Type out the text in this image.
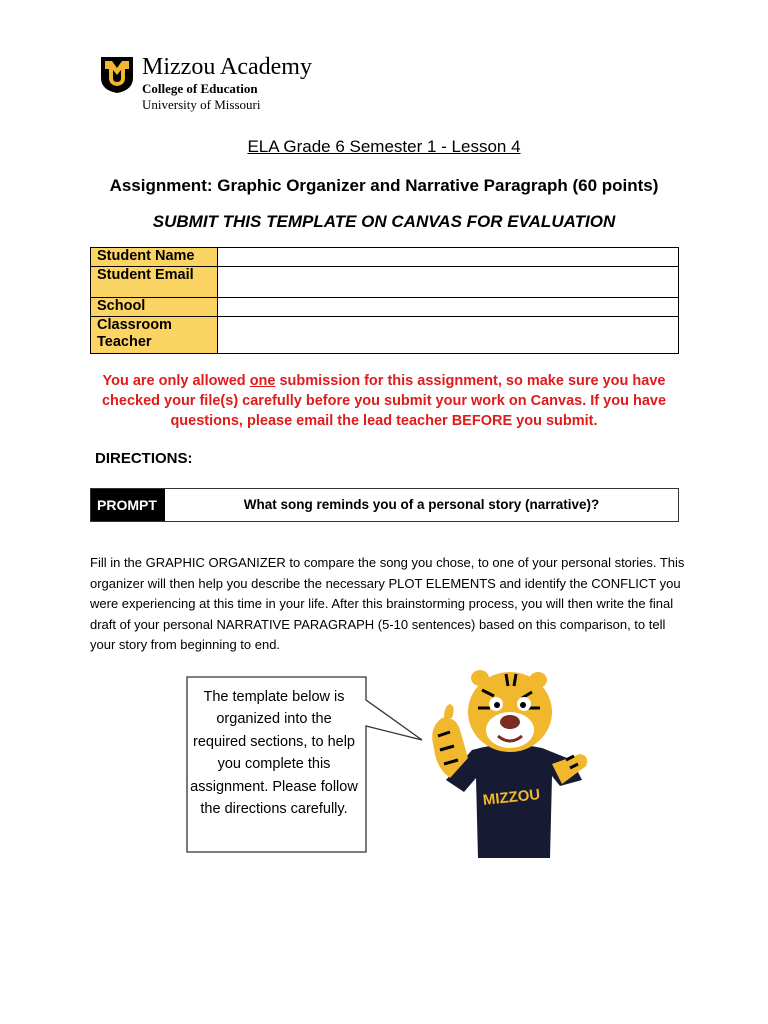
Mizzou Academy
College of Education
University of Missouri
ELA Grade 6 Semester 1 - Lesson 4
Assignment: Graphic Organizer and Narrative Paragraph (60 points)
SUBMIT THIS TEMPLATE ON CANVAS FOR EVALUATION
Student Name	
Student Email	
School	
Classroom Teacher	
You are only allowed one submission for this assignment, so make sure you have checked your file(s) carefully before you submit your work on Canvas. If you have questions, please email the lead teacher BEFORE you submit.
DIRECTIONS:
PROMPT	What song reminds you of a personal story (narrative)?
Fill in the GRAPHIC ORGANIZER to compare the song you chose, to one of your personal stories. This organizer will then help you describe the necessary PLOT ELEMENTS and identify the CONFLICT you were experiencing at this time in your life. After this brainstorming process, you will then write the final draft of your personal NARRATIVE PARAGRAPH (5-10 sentences) based on this comparison, to tell your story from beginning to end.
The template below is organized into the required sections, to help you complete this assignment. Please follow the directions carefully.
MIZZOU
